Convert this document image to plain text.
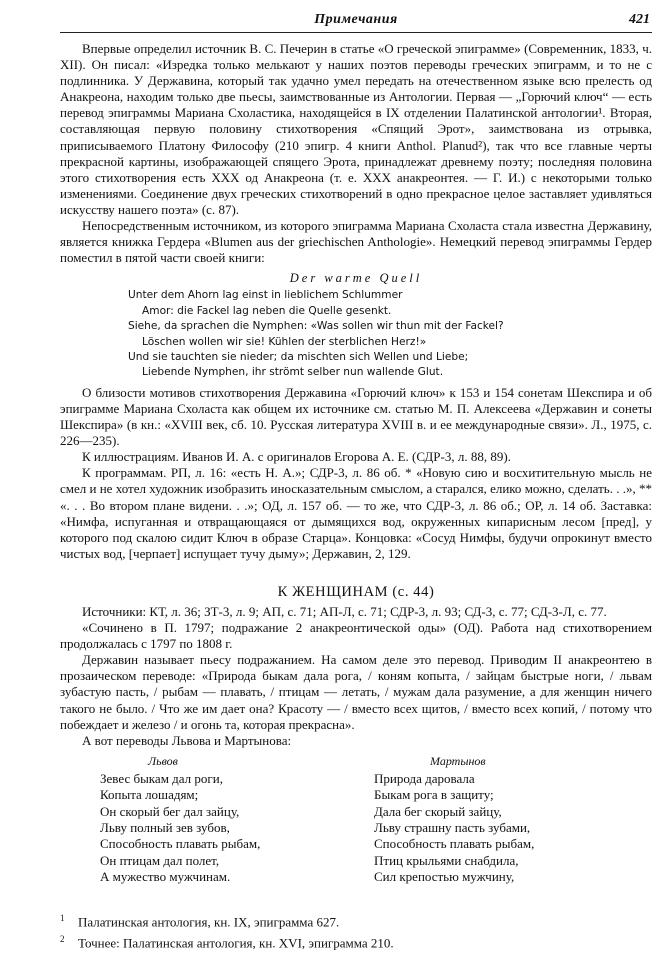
Примечания	421

Впервые определил источник В. С. Печерин в статье «О греческой эпиграмме» (Современник, 1833, ч. XII). Он писал: «Изредка только мелькают у наших поэтов переводы греческих эпиграмм, и то не с подлинника. У Державина, который так удачно умел передать на отечественном языке всю прелесть од Анакреона, находим только две пьесы, заимствованные из Антологии. Первая — „Горючий ключ“ — есть перевод эпиграммы Мариана Схоластика, находящейся в IX отделении Палатинской антологии¹. Вторая, составляющая первую половину стихотворения «Спящий Эрот», заимствована из отрывка, приписываемого Платону Философу (210 эпигр. 4 книги Anthol. Planud²), так что все главные черты прекрасной картины, изображающей спящего Эрота, принадлежат древнему поэту; последняя половина этого стихотворения есть XXX од Анакреона (т. е. XXX анакреонтея. — Г. И.) с некоторыми только изменениями. Соединение двух греческих стихотворений в одно прекрасное целое заставляет удивляться искусству нашего поэта» (с. 87).

Непосредственным источником, из которого эпиграмма Мариана Схоласта стала известна Державину, является книжка Гердера «Blumen aus der griechischen Anthologie». Немецкий перевод эпиграммы Гердер поместил в пятой части своей книги:

Der warme Quell
Unter dem Ahorn lag einst in lieblichem Schlummer
Amor: die Fackel lag neben die Quelle gesenkt.
Siehe, da sprachen die Nymphen: «Was sollen wir thun mit der Fackel?
Löschen wollen wir sie! Kühlen der sterblichen Herz!»
Und sie tauchten sie nieder; da mischten sich Wellen und Liebe;
Liebende Nymphen, ihr strömt selber nun wallende Glut.

О близости мотивов стихотворения Державина «Горючий ключ» к 153 и 154 сонетам Шекспира и об эпиграмме Мариана Схоласта как общем их источнике см. статью М. П. Алексеева «Державин и сонеты Шекспира» (в кн.: «XVIII век, сб. 10. Русская литература XVIII в. и ее международные связи». Л., 1975, с. 226—235).

К иллюстрациям. Иванов И. А. с оригиналов Егорова А. Е. (СДР-3, л. 88, 89).

К программам. РП, л. 16: «есть Н. А.»; СДР-3, л. 86 об. * «Новую сию и восхитительную мысль не смел и не хотел художник изобразить иносказательным смыслом, а старался, елико можно, сделать. . .», ** «. . . Во втором плане видени. . .»; ОД, л. 157 об. — то же, что СДР-3, л. 86 об.; ОР, л. 14 об. Заставка: «Нимфа, испуганная и отвращающаяся от дымящихся вод, окруженных кипарисным лесом [пред], у которого под скалою сидит Ключ в образе Старца». Концовка: «Сосуд Нимфы, будучи опрокинут вместо чистых вод, [черпает] испущает тучу дыму»; Державин, 2, 129.

К ЖЕНЩИНАМ (с. 44)

Источники: КТ, л. 36; ЗТ-3, л. 9; АП, с. 71; АП-Л, с. 71; СДР-3, л. 93; СД-3, с. 77; СД-3-Л, с. 77.

«Сочинено в П. 1797; подражание 2 анакреонтической оды» (ОД). Работа над стихотворением продолжалась с 1797 по 1808 г.

Державин называет пьесу подражанием. На самом деле это перевод. Приводим II анакреонтею в прозаическом переводе: «Природа быкам дала рога, / коням копыта, / зайцам быстрые ноги, / львам зубастую пасть, / рыбам — плавать, / птицам — летать, / мужам дала разумение, а для женщин ничего такого не было. / Что же им дает она? Красоту — / вместо всех щитов, / вместо всех копий, / потому что побеждает и железо / и огонь та, которая прекрасна».

А вот переводы Львова и Мартынова:

Львов
Зевес быкам дал роги,
Копыта лошадям;
Он скорый бег дал зайцу,
Льву полный зев зубов,
Способность плавать рыбам,
Он птицам дал полет,
А мужество мужчинам.
Мартынов
Природа даровала
Быкам рога в защиту;
Дала бег скорый зайцу,
Льву страшну пасть зубами,
Способность плавать рыбам,
Птиц крыльями снабдила,
Сил крепостью мужчину,
1 Палатинская антология, кн. IX, эпиграмма 627.
2 Точнее: Палатинская антология, кн. XVI, эпиграмма 210.
